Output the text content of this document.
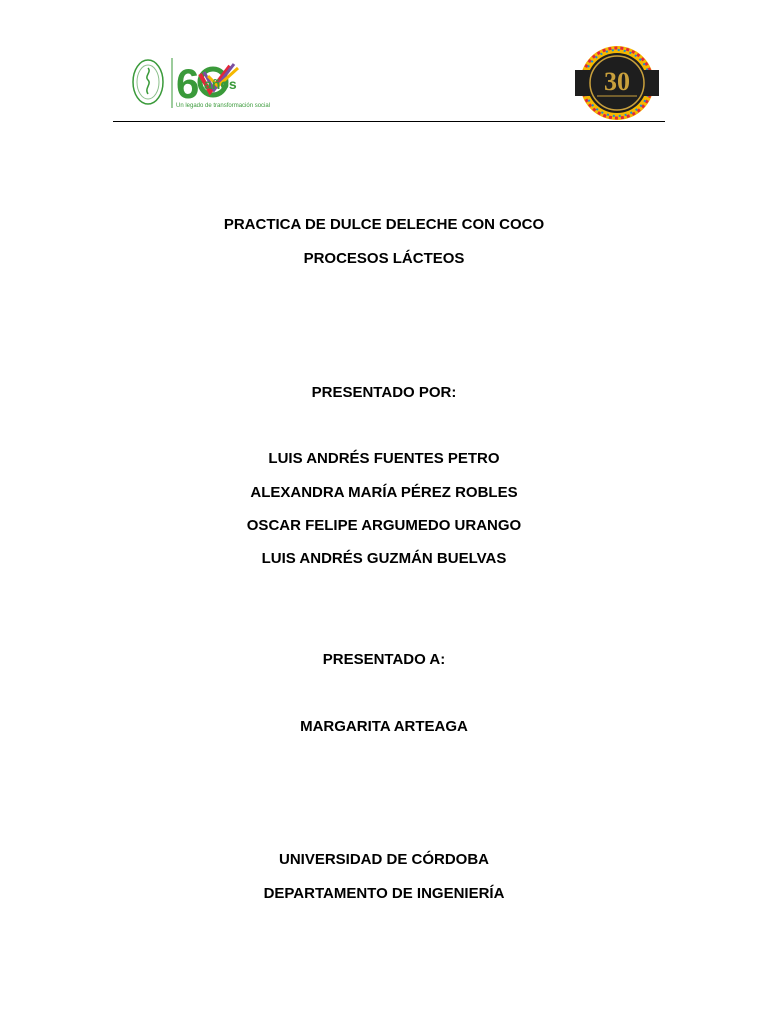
6 años
Un legado de transformación social
30
PRACTICA DE DULCE DELECHE CON COCO
PROCESOS LÁCTEOS
PRESENTADO POR:
LUIS ANDRÉS FUENTES PETRO
ALEXANDRA MARÍA PÉREZ ROBLES
OSCAR FELIPE ARGUMEDO URANGO
LUIS ANDRÉS GUZMÁN BUELVAS
PRESENTADO A:
MARGARITA ARTEAGA
UNIVERSIDAD DE CÓRDOBA
DEPARTAMENTO DE INGENIERÍA
